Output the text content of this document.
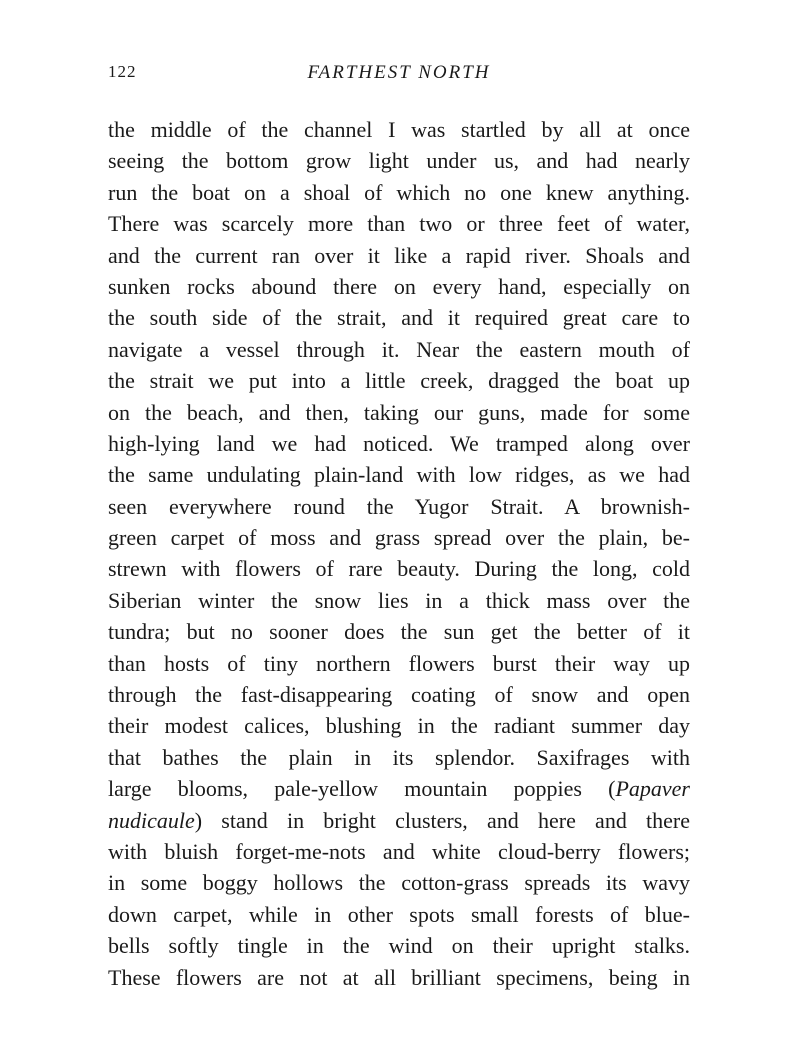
122	FARTHEST NORTH
the middle of the channel I was startled by all at once
seeing the bottom grow light under us, and had nearly
run the boat on a shoal of which no one knew anything.
There was scarcely more than two or three feet of water,
and the current ran over it like a rapid river. Shoals and
sunken rocks abound there on every hand, especially on
the south side of the strait, and it required great care to
navigate a vessel through it. Near the eastern mouth of
the strait we put into a little creek, dragged the boat up
on the beach, and then, taking our guns, made for some
high-lying land we had noticed. We tramped along over
the same undulating plain-land with low ridges, as we had
seen everywhere round the Yugor Strait. A brownish-
green carpet of moss and grass spread over the plain, be-
strewn with flowers of rare beauty. During the long, cold
Siberian winter the snow lies in a thick mass over the
tundra; but no sooner does the sun get the better of it
than hosts of tiny northern flowers burst their way up
through the fast-disappearing coating of snow and open
their modest calices, blushing in the radiant summer day
that bathes the plain in its splendor. Saxifrages with
large blooms, pale-yellow mountain poppies (Papaver
nudicaule) stand in bright clusters, and here and there
with bluish forget-me-nots and white cloud-berry flowers;
in some boggy hollows the cotton-grass spreads its wavy
down carpet, while in other spots small forests of blue-
bells softly tingle in the wind on their upright stalks.
These flowers are not at all brilliant specimens, being in
